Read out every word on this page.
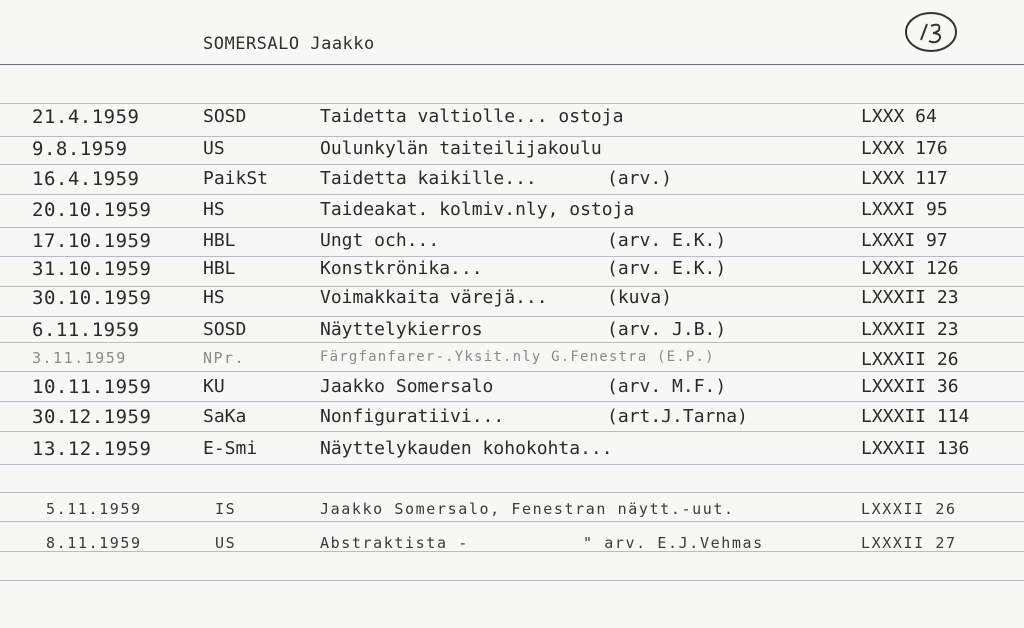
SOMERSALO Jaakko
21.4.1959	SOSD	Taidetta valtiolle... ostoja	LXXX 64
9.8.1959	US	Oulunkylän taiteilijakoulu	LXXX 176
16.4.1959	PaikSt	Taidetta kaikille...	(arv.)	LXXX 117
20.10.1959	HS	Taideakat. kolmiv.nly, ostoja	LXXXI 95
17.10.1959	HBL	Ungt och...	(arv. E.K.)	LXXXI 97
31.10.1959	HBL	Konstkrönika...	(arv. E.K.)	LXXXI 126
30.10.1959	HS	Voimakkaita värejä...	(kuva)	LXXXII 23
6.11.1959	SOSD	Näyttelykierros	(arv. J.B.)	LXXXII 23
3.11.1959	NPr.	Färgfanfarer-.Yksit.nly G.Fenestra (E.P.)	LXXXII 26
10.11.1959	KU	Jaakko Somersalo	(arv. M.F.)	LXXXII 36
30.12.1959	SaKa	Nonfiguratiivi...	(art.J.Tarna)	LXXXII 114
13.12.1959	E-Smi	Näyttelykauden kohokohta...	LXXXII 136
5.11.1959	IS	Jaakko Somersalo, Fenestran näytt.-uut.	LXXXII 26
8.11.1959	US	Abstraktista -	" arv. E.J.Vehmas	LXXXII 27
